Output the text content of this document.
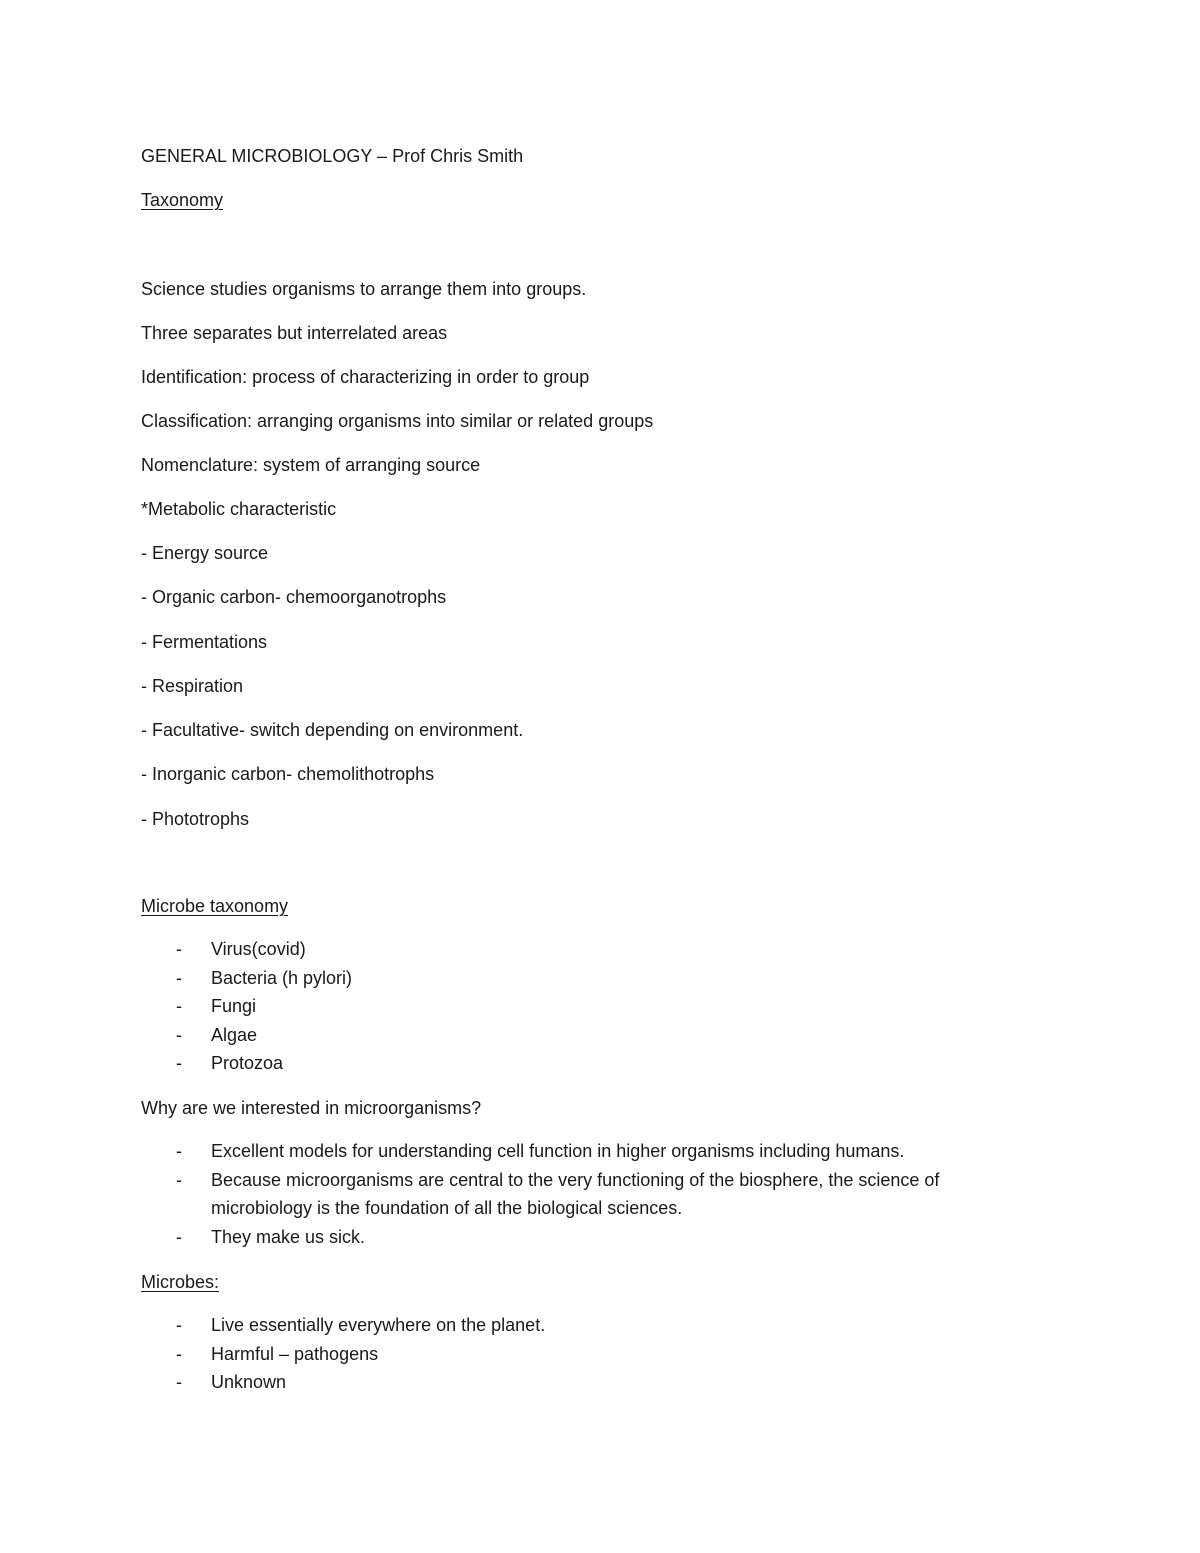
GENERAL MICROBIOLOGY – Prof Chris Smith
Taxonomy
Science studies organisms to arrange them into groups.
Three separates but interrelated areas
Identification: process of characterizing in order to group
Classification: arranging organisms into similar or related groups
Nomenclature: system of arranging source
*Metabolic characteristic
- Energy source
- Organic carbon- chemoorganotrophs
- Fermentations
- Respiration
- Facultative- switch depending on environment.
- Inorganic carbon- chemolithotrophs
- Phototrophs
Microbe taxonomy
- Virus(covid)
- Bacteria (h pylori)
- Fungi
- Algae
- Protozoa
Why are we interested in microorganisms?
- Excellent models for understanding cell function in higher organisms including humans.
- Because microorganisms are central to the very functioning of the biosphere, the science of microbiology is the foundation of all the biological sciences.
- They make us sick.
Microbes:
- Live essentially everywhere on the planet.
- Harmful – pathogens
- Unknown
